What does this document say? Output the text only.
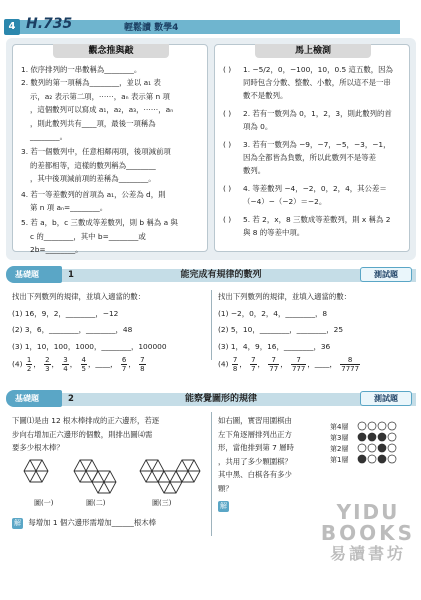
4 H.735	輕鬆讀 數學4
觀念推與敲
1. 依序排列的一串數稱為________。
2. 數列的第一項稱為________，並以 a₁ 表
示，a₂ 表示第二項，⋯⋯，aₙ 表示第 n 項
，這個數列可以寫成 a₁，a₂，a₃，⋯⋯，aₙ
，則此數列共有____項，最後一項稱為
________。
3. 若一個數列中，任意相鄰兩項，後項減前項
的差都相等，這樣的數列稱為________
，其中後項減前項的差稱為________。
4. 若一等差數列的首項為 a₁，公差為 d，則
第 n 項 aₙ=________。
5. 若 a，b，c 三數成等差數列，則 b 稱為 a 與
c 的________，其中 b=________或
2b=________。
馬上檢測
( )	1. −5/2，0，−100，10，0.5 這五數，因為
同時包含分數、整數、小數，所以這不是一串
數不是數列。
( )	2. 若有一數列為 0，1，2，3，則此數列的首
項為 0。
( )	3. 若有一數列為 −9，−7，−5，−3，−1，
因為全都皆為負數，所以此數列不是等差
數列。
( )	4. 等差數列 −4，−2，0，2，4，其公差＝
（−4）−（−2）＝−2。
( )	5. 若 2，x，8 三數成等差數列，則 x 稱為 2
與 8 的等差中項。
基礎題	1	能完成有規律的數列	測試題
找出下列數列的規律，並填入適當的數：
(1) 16，9，2，________，−12
(2) 3，6，________，________，48
(3) 1，10，100，1000，________，100000
$(4) \frac{1}{2}$ ， $\frac{2}{3}$ ， $\frac{3}{4}$ ， $\frac{4}{5}$ ，____， $\frac{6}{7}$ ， $\frac{7}{8}$
找出下列數列的規律，並填入適當的數：
(1) −2，0，2，4，________，8
(2) 5，10，________，________，25
(3) 1，4，9，16，________，36
$(4) \frac{7}{8}$ ， $\frac{7}{7}$ ， $\frac{7}{77}$ ， $\frac{7}{777}$ ，____， $\frac{8}{7777}$
基礎題	2	能察覺圖形的規律	測試題
下圖⑴是由 12 根木棒排成的正六邊形，若逐
步向右增加正六邊形的個數，則排出圖⑷需
要多少根木棒？
圖(一)	圖(二)	圖(三)
解 每增加 1 個六邊形需增加______根木棒
如右圖，實習用圍棋由
左下角逐層排列出正方
形，當他排到第 7 層時
，共用了多少顆圍棋？
其中黑、白棋各有多少
顆？
解
第4層
第3層
第2層
第1層
YIDU
BOOKS
易讀書坊
